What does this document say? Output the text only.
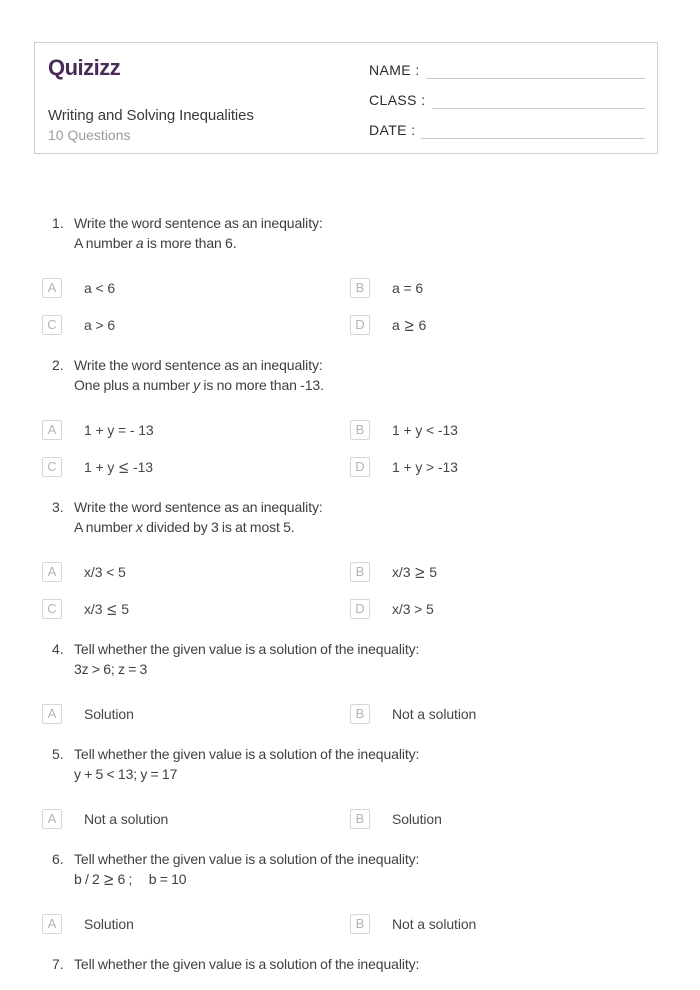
Quizizz
Writing and Solving Inequalities
10 Questions
NAME :
CLASS :
DATE :
1. Write the word sentence as an inequality:
A number a is more than 6.
A	a < 6	B	a = 6
C	a > 6	D	a ≥ 6
2. Write the word sentence as an inequality:
One plus a number y is no more than -13.
A	1 + y = - 13	B	1 + y < -13
C	1 + y ≤ -13	D	1 + y > -13
3. Write the word sentence as an inequality:
A number x divided by 3 is at most 5.
A	x/3 < 5	B	x/3 ≥ 5
C	x/3 ≤ 5	D	x/3 > 5
4. Tell whether the given value is a solution of the inequality:
3z > 6; z = 3
A	Solution	B	Not a solution
5. Tell whether the given value is a solution of the inequality:
y + 5 < 13; y = 17
A	Not a solution	B	Solution
6. Tell whether the given value is a solution of the inequality:
b / 2 ≥ 6 ;     b = 10
A	Solution	B	Not a solution
7. Tell whether the given value is a solution of the inequality:
